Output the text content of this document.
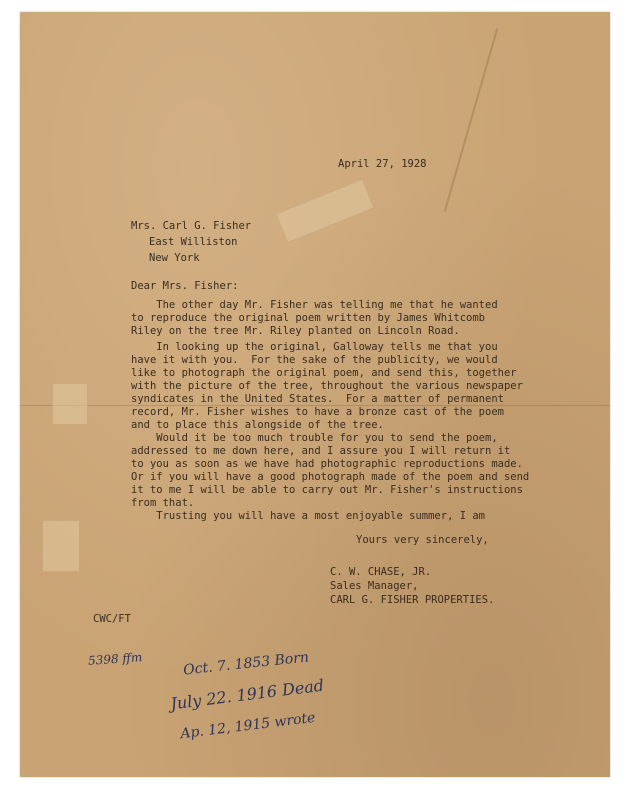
April 27, 1928
Mrs. Carl G. Fisher
East Williston
New York
Dear Mrs. Fisher:
The other day Mr. Fisher was telling me that he wanted
to reproduce the original poem written by James Whitcomb
Riley on the tree Mr. Riley planted on Lincoln Road.
In looking up the original, Galloway tells me that you
have it with you.  For the sake of the publicity, we would
like to photograph the original poem, and send this, together
with the picture of the tree, throughout the various newspaper
syndicates in the United States.  For a matter of permanent
record, Mr. Fisher wishes to have a bronze cast of the poem
and to place this alongside of the tree.
Would it be too much trouble for you to send the poem,
addressed to me down here, and I assure you I will return it
to you as soon as we have had photographic reproductions made.
Or if you will have a good photograph made of the poem and send
it to me I will be able to carry out Mr. Fisher's instructions
from that.
Trusting you will have a most enjoyable summer, I am
Yours very sincerely,
C. W. CHASE, JR.
Sales Manager,
CARL G. FISHER PROPERTIES.
CWC/FT
5398 ffm	Oct. 7. 1853 Born
July 22. 1916 Dead
Ap. 12, 1915 wrote
